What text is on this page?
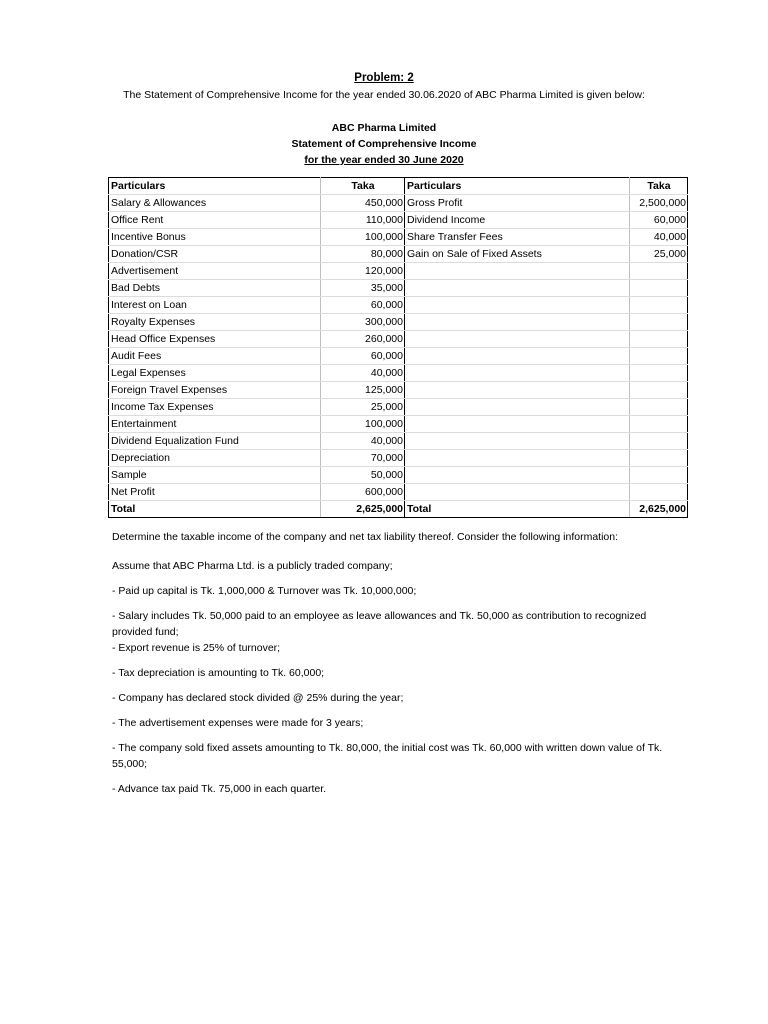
Problem: 2
The Statement of Comprehensive Income for the year ended 30.06.2020 of ABC Pharma Limited is given below:
ABC Pharma Limited
Statement of Comprehensive Income
for the year ended 30 June 2020
Particulars	Taka	Particulars	Taka
Salary & Allowances	450,000	Gross Profit	2,500,000
Office Rent	110,000	Dividend Income	60,000
Incentive Bonus	100,000	Share Transfer Fees	40,000
Donation/CSR	80,000	Gain on Sale of Fixed Assets	25,000
Advertisement	120,000		
Bad Debts	35,000		
Interest on Loan	60,000		
Royalty Expenses	300,000		
Head Office Expenses	260,000		
Audit Fees	60,000		
Legal Expenses	40,000		
Foreign Travel Expenses	125,000		
Income Tax Expenses	25,000		
Entertainment	100,000		
Dividend Equalization Fund	40,000		
Depreciation	70,000		
Sample	50,000		
Net Profit	600,000		
Total	2,625,000	Total	2,625,000
Determine the taxable income of the company and net tax liability thereof. Consider the following information:
Assume that ABC Pharma Ltd. is a publicly traded company;
- Paid up capital is Tk. 1,000,000 & Turnover was Tk. 10,000,000;
- Salary includes Tk. 50,000 paid to an employee as leave allowances and Tk. 50,000 as contribution to recognized provided fund;
- Export revenue is 25% of turnover;
- Tax depreciation is amounting to Tk. 60,000;
- Company has declared stock divided @ 25% during the year;
- The advertisement expenses were made for 3 years;
- The company sold fixed assets amounting to Tk. 80,000, the initial cost was Tk. 60,000 with written down value of Tk. 55,000;
- Advance tax paid Tk. 75,000 in each quarter.
